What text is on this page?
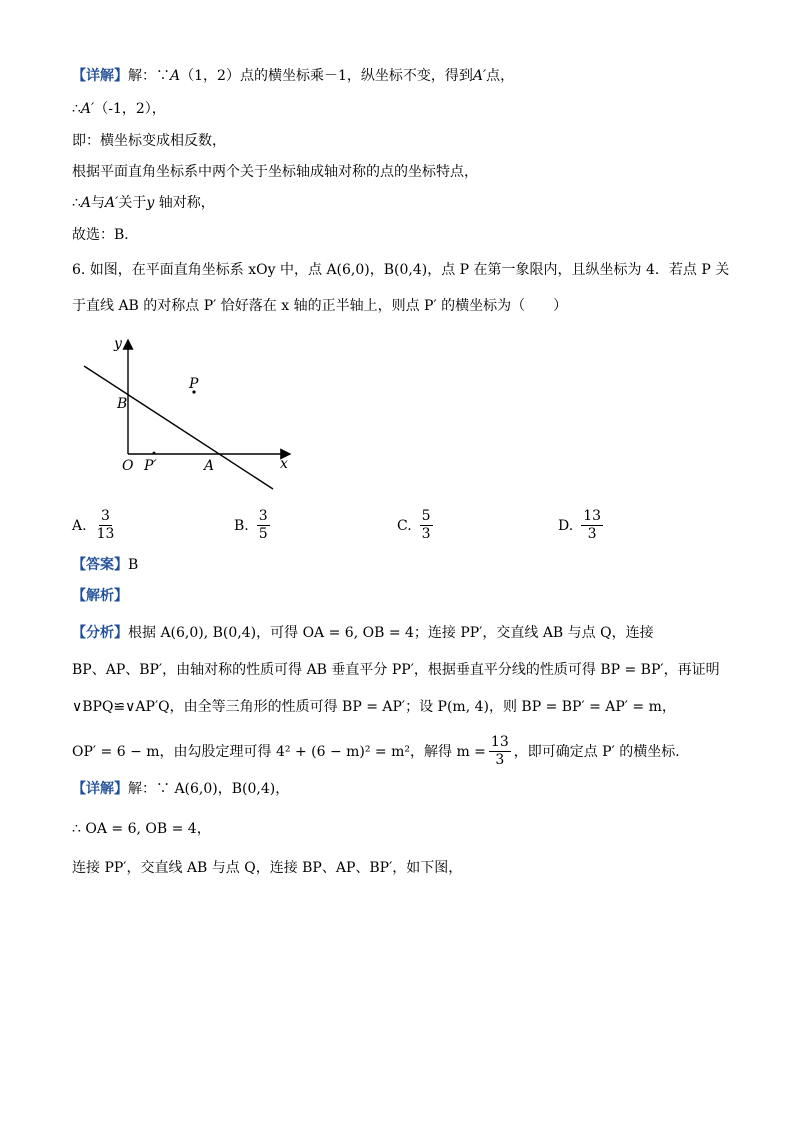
【详解】解：∵A（1，2）点的横坐标乘－1，纵坐标不变，得到A′点，
∴A′（-1，2），
即：横坐标变成相反数，
根据平面直角坐标系中两个关于坐标轴成轴对称的点的坐标特点，
∴A与A′关于y 轴对称，
故选：B．
6. 如图，在平面直角坐标系 xOy 中，点 A(6,0)，B(0,4)，点 P 在第一象限内，且纵坐标为 4．若点 P 关
于直线 AB 的对称点 P′ 恰好落在 x 轴的正半轴上，则点 P′ 的横坐标为（　　）
y
x
O
B
A
P
P′
A. $\frac{3}{13}$	B. $\frac{3}{5}$	C. $\frac{5}{3}$	D. $\frac{13}{3}$
【答案】B
【解析】
【分析】根据 A(6,0), B(0,4)，可得 OA = 6, OB = 4；连接 PP′，交直线 AB 与点 Q，连接
BP、AP、BP′，由轴对称的性质可得 AB 垂直平分 PP′，根据垂直平分线的性质可得 BP = BP′，再证明
∨BPQ≌∨AP′Q，由全等三角形的性质可得 BP = AP′；设 P(m, 4)，则 BP = BP′ = AP′ = m，
OP′ = 6 − m，由勾股定理可得 4² + (6 − m)² = m²，解得 $m = \frac{13}{3}$ ，即可确定点 P′ 的横坐标．
【详解】解：∵ A(6,0)，B(0,4)，
∴ OA = 6, OB = 4，
连接 PP′，交直线 AB 与点 Q，连接 BP、AP、BP′，如下图，
